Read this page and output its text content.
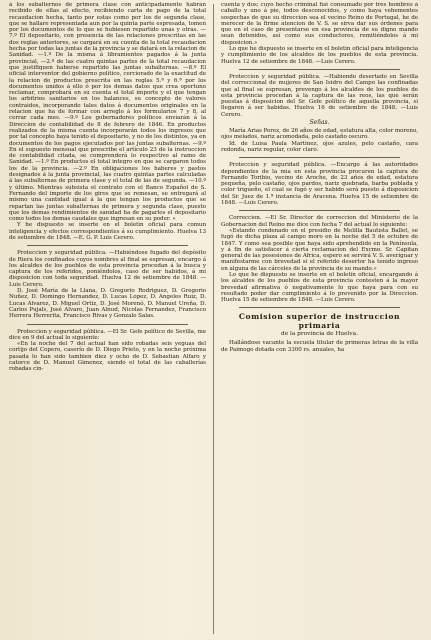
á los subalternos de primera clase con anticipadamente habrán recibido de ellas al efecto, recibiendo carta de pago de la total recaudacion hecha, tanto por estas como por los de segunda clase, que se hallare representada aun por la quinta parte espresada, tomen por los documentos de lo que se hubiesen repartido unas y otras. —7.º El depositario, con presencia de las relaciones prescritas en las dos reglas anteriores, se cargará en su cuenta de la total recaudacion hecha por todas las juntas de la provincia y se datará en la relacion de Sanidad. —1.º De la misma á libramientos pagados á la junta provincial, —2.º de las cuatro quintas partes de la total recaudacion que justifiquen haberse repartido las juntas subalternas. —8.º El oficial interventor del gobierno político, cerciorado de la exactitud de la relacion de productos prescrita en las reglas 5.ª y 6.ª por los documentos unidos á ello ó por los demas datos que crea oportuno reclamar, comprobará en su cuenta el total importe y el que tengan los arbitrios sanitarios en los balances, su concepto de valores contraidos, incorporando tales datos á documentos originales en la relacion que ha de formar con arreglo á los formularios 7 y 8, al cerrar cada mes. —9.º Los gobernadores políticos enviarán á la Direccion de contabilidad de 8 de febrero de 1846. En productos realizados de la misma cuenta incorporarán todos los ingresos que por tal concepto haya tenido el depositario, y no de los distintos, ya en documentos de los pagos ejecutados por las juntas subalternas. —9.º En el supuesto mensual que prescribe el artículo 23 de la instruccion de contabilidad citada, se comprenderá lo respectivo al ramo de Sanidad. —1.º En productos el total integro en que se cargaron todos los de la provincia. —2.º En obligaciones los haberes y pastos designados á la junta provincial, las cuatro quintas partes calculadas á las subalternas de primera clase y el total de las de segunda. —10.º y último. Mientras subsista el contrato con el Banco Español de S. Fernando del importe de los giros que se remesan, se entregará al mismo una cantidad igual á la que tengan los productos que se repartan las juntas subalternas de primera y segunda clase, puesto que los demas rendimientos de sanidad ha de pagarlos el depositario como todos los demas caudales que ingresan en su poder. »

Y he dispuesto se inserte en el boletin oficial para comun inteligencia y efectos correspondientes á su cumplimiento. Huelva 13 de setiembre de 1848. —E. G. P. Luis Cerero.

Proteccion y seguridad pública. —Habiéndose fugado del depósito de Riera los confinados cuyos nombres al final se espresan, encargo á los alcaldes de los pueblos de esta provincia procedan á la busca y captura de los referidos, poniéndolos, caso de ser habidos, á mi disposicion con toda seguridad. Huelva 12 de setiembre de 1848. —Luis Cerero.

D. José María de la Llana, D. Gregorio Rodriguez, D. Gregorio Nuñez, D. Domingo Hernandez, D. Lucas Lopez, D. Angeles Ruiz, D. Lucas Alvarez, D. Miguel Ortiz, D. José Morenó, D. Manuel Ureña, D. Carlos Pujals, José Alvaro, Juan Alnud, Nicolas Fernandez, Francisco Herrera Herrerita, Francisco Rivas y Gonzalo Salas.

Proteccion y seguridad pública. —El Sr. Gefe político de Sevilla, me dice en 9 del actual lo siguiente:

«En la noche del 7 del actual han sido robadas seis yeguas del cortijo del Copero, caserío de D. Diego Prieto, y en la noche próxima pasada lo han sido tambien diez y ocho de D. Sebastian Alfaro y catorce de D. Manuel Gimenez, siendo el total de las caballerías robadas cin-

cuenta y dos; cuyo hecho criminal fué consumado por tres hombres á caballo y uno á pie, todos desconocidos, y como haya vehementes sospechas de que su direccion sea el vecino Reino de Portugal, he de merecer de la firme atencion de V. S. se sirva dar sus órdenes para que en el caso de presentarse en esa provincia de su digno mando sean detenidos, así como sus conductores, remitiéndolos á mi disposicion.»

Lo que he dispuesto se inserte en el boletin oficial para inteligencia y cumplimiento de los alcaldes de los pueblos de esta provincia. Huelva 12 de setiembre de 1848. —Luis Cerero.

Proteccion y seguridad pública. —Habiendo desertado en Sevilla del correccional de mujeres de San Isidro del Campo las confinadas que al final se espresan, prevengo á los alcaldes de los pueblos de esta provincia procedan á la captura de las reos, las que serán puestas á disposicion del Sr. Gefe político de aquella provincia, si llegaren á ser habidas. Huelva 16 de setiembre de 1848. —Luis Cerero.

Señas.

María Arias Perez, de 26 años de edad, estatura alta, color moreno, ojos melados, nariz acomodada, pelo castaño oscuro.

Id. de Luisa Paula Martinez, ojos azules, pelo castaño, cara redonda, nariz regular, color claro.

Proteccion y seguridad pública. —Encargo á las autoridades dependientes de la mia en esta provincia procuren la captura de Fernando Toribio, vecino de Aroche, de 23 años de edad, estatura pequeña, pelo castaño, ojos pardos, nariz quebrada, barba poblada y color trigueño, el cual se fugó y ser habido será puesto á disposicion del Sr. Juez de 1.ª instancia de Aracena. Huelva 15 de setiembre de 1848. —Luis Cerero.

Correccion. —El Sr. Director de correccion del Ministerio de la Gobernacion del Reino me dice con fecha 7 del actual lo siguiente:

«Estando condenado en el presidio de Melilla Bautista Ballet, se fugó de dicha plaza al campo moro en la noche del 5 de octubre de 1847. Y como sea posible que haya sido aprehendido en la Península, y á fin de satisfacer á cierta reclamacion del Excmo. Sr. Capitan general de las posesiones de Africa, espero se servirá V. S. averiguar y manifestarme con brevedad si el referido desertor ha tenido ingreso en alguna de las cárceles de la provincia de su mando.»

Lo que he dispuesto se inserte en el boletin oficial, encargando á los alcaldes de los pueblos de esta provincia contesten á la mayor brevedad afirmativa ó negativamente lo que haya para con su resultado poder dar cumplimiento á lo prevenido por la Direccion. Huelva 15 de setiembre de 1848. —Luis Cerero.

Comision superior de instruccion primaria
de la provincia de Huelva.

Hallándose vacante la escuela titular de primeras letras de la villa de Paimogo dotada con 3300 rs. anuales, ha
